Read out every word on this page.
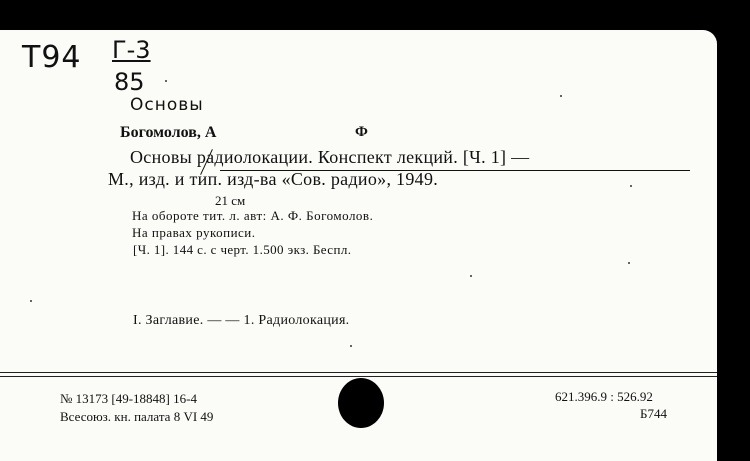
T94 Г-3
85
Основы
Богомолов, А	Ф
Основы радиолокации. Конспект лекций. [Ч. 1] —
М., изд. и тип. изд-ва «Сов. радио», 1949.
21 см
На обороте тит. л. авт: А. Ф. Богомолов.
На правах рукописи.
[Ч. 1]. 144 с. с черт. 1.500 экз. Беспл.
I. Заглавие. — — 1. Радиолокация.
№ 13173 [49-18848] 16-4
Всесоюз. кн. палата 8 VI 49
621.396.9 : 526.92
Б744
